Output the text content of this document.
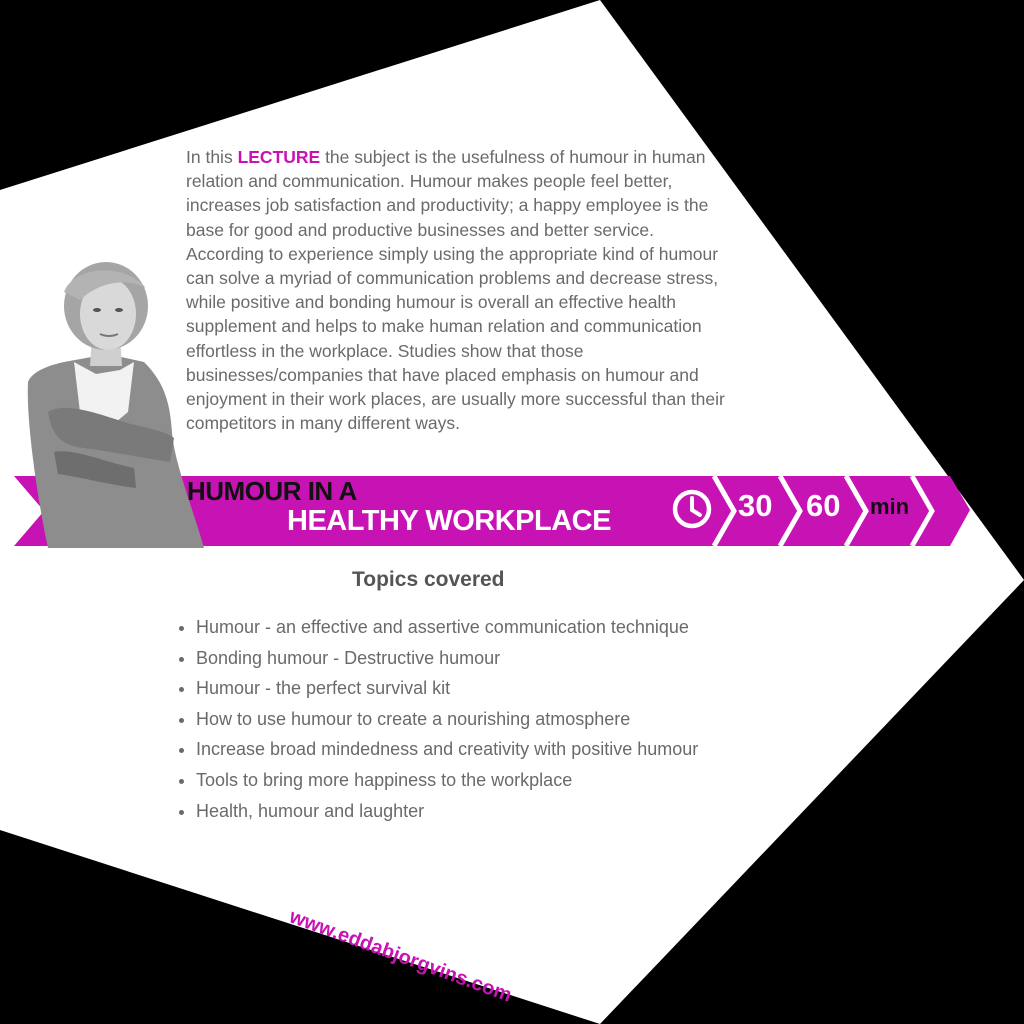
In this LECTURE the subject is the usefulness of humour in human relation and communication. Humour makes people feel better, increases job satisfaction and productivity; a happy employee is the base for good and productive businesses and better service. According to experience simply using the appropriate kind of humour can solve a myriad of communication problems and decrease stress, while positive and bonding humour is overall an effective health supplement and helps to make human relation and communication effortless in the workplace. Studies show that those businesses/companies that have placed emphasis on humour and enjoyment in their work places, are usually more successful than their competitors in many different ways.

HUMOUR IN A
HEALTHY WORKPLACE	30 60 min
Topics covered
• Humour - an effective and assertive communication technique
• Bonding humour - Destructive humour
• Humour - the perfect survival kit
• How to use humour to create a nourishing atmosphere
• Increase broad mindedness and creativity with positive humour
• Tools to bring more happiness to the workplace
• Health, humour and laughter
www.eddabjorgvins.com
